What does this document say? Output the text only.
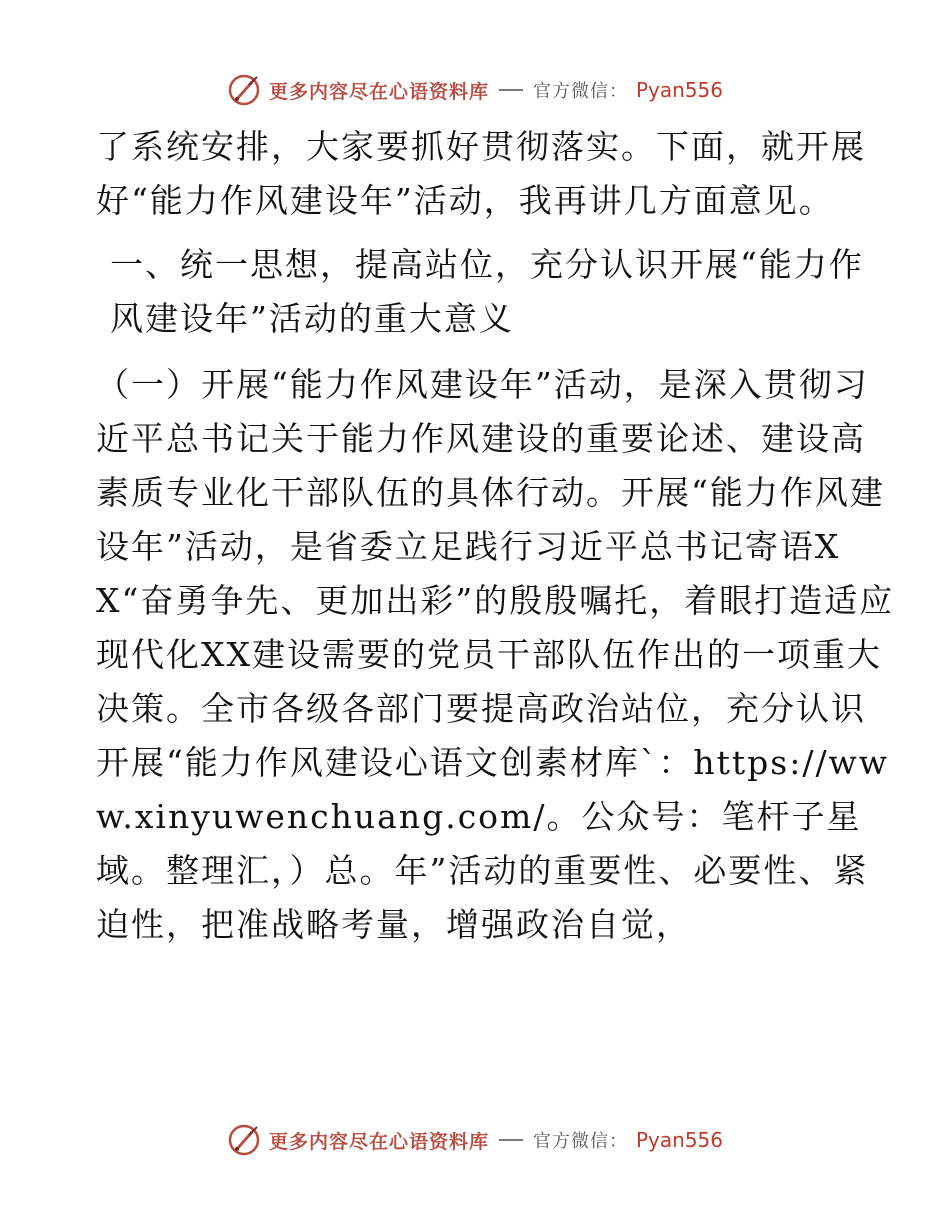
更多内容尽在心语资料库 官方微信： Pyan556

了系统安排，大家要抓好贯彻落实。下面，就开展好“能力作风建设年”活动，我再讲几方面意见。

一、统一思想，提高站位，充分认识开展“能力作风建设年”活动的重大意义

（一）开展“能力作风建设年”活动，是深入贯彻习近平总书记关于能力作风建设的重要论述、建设高素质专业化干部队伍的具体行动。开展“能力作风建设年”活动，是省委立足践行习近平总书记寄语XX“奋勇争先、更加出彩”的殷殷嘱托，着眼打造适应现代化XX建设需要的党员干部队伍作出的一项重大决策。全市各级各部门要提高政治站位，充分认识开展“能力作风建设心语文创素材库`：https://www.xinyuwenchuang.com/。公众号：笔杆子星域。整理汇，）总。年”活动的重要性、必要性、紧迫性，把准战略考量，增强政治自觉，

更多内容尽在心语资料库 官方微信： Pyan556
